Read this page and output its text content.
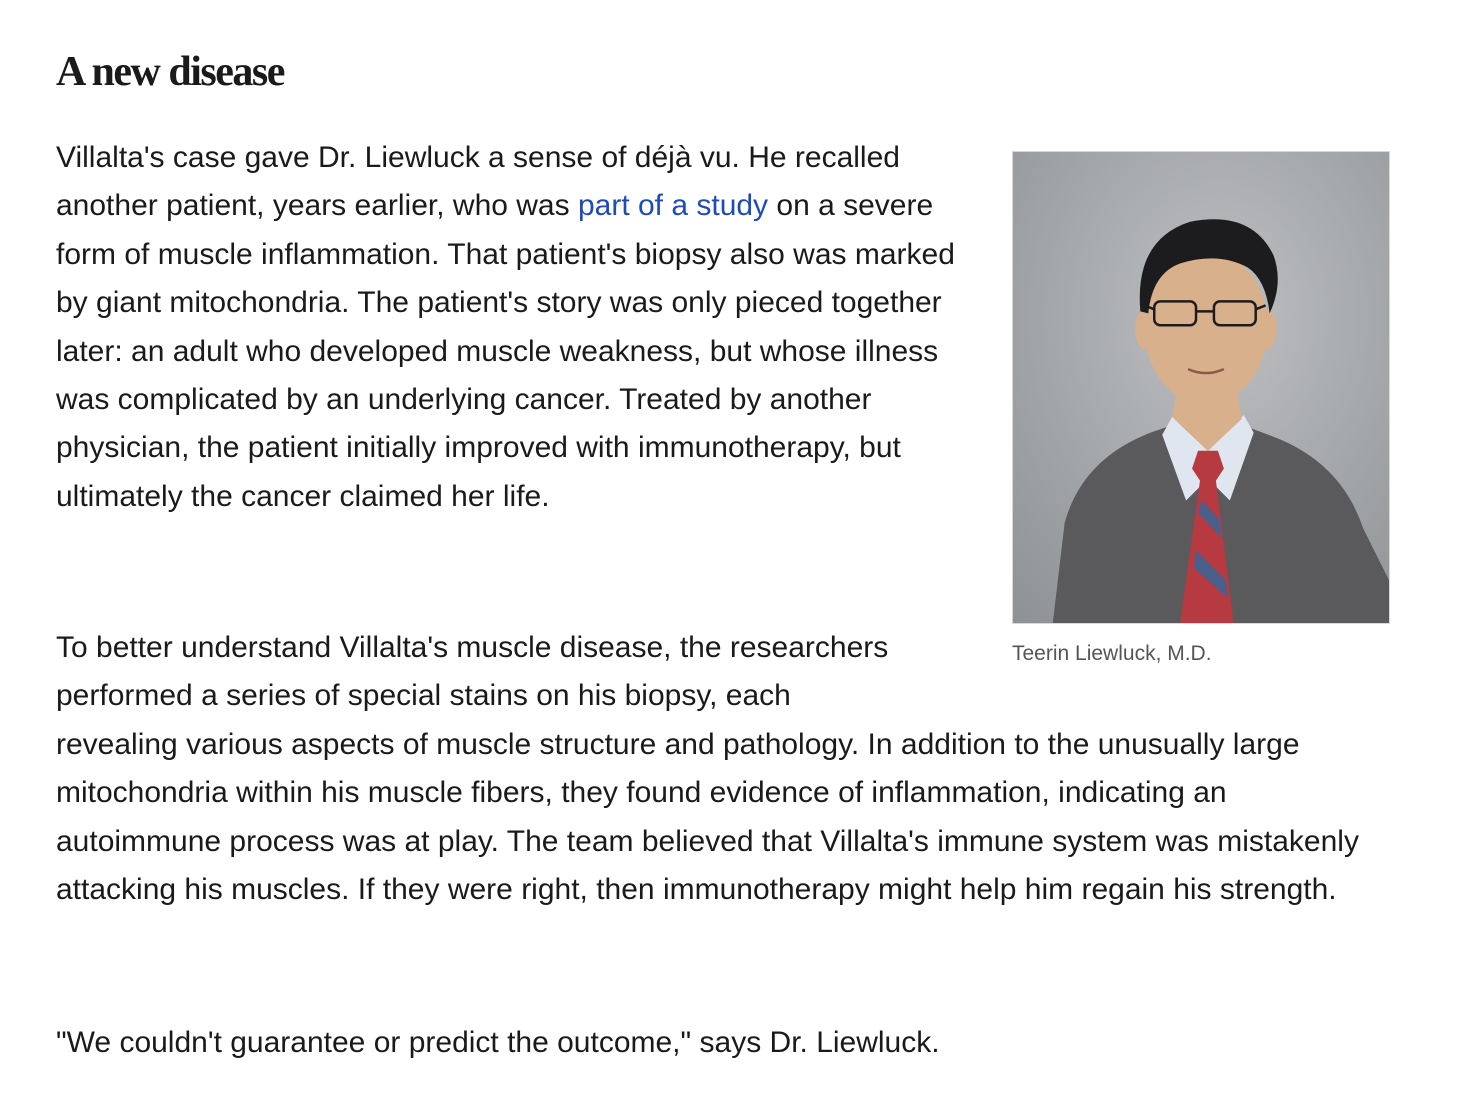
A new disease

Villalta's case gave Dr. Liewluck a sense of déjà vu. He recalled another patient, years earlier, who was part of a study on a severe form of muscle inflammation. That patient's biopsy also was marked by giant mitochondria. The patient's story was only pieced together later: an adult who developed muscle weakness, but whose illness was complicated by an underlying cancer. Treated by another physician, the patient initially improved with immunotherapy, but ultimately the cancer claimed her life.

To better understand Villalta's muscle disease, the researchers performed a series of special stains on his biopsy, each revealing various aspects of muscle structure and pathology. In addition to the unusually large mitochondria within his muscle fibers, they found evidence of inflammation, indicating an autoimmune process was at play. The team believed that Villalta's immune system was mistakenly attacking his muscles. If they were right, then immunotherapy might help him regain his strength.

"We couldn't guarantee or predict the outcome," says Dr. Liewluck.

Teerin Liewluck, M.D.
